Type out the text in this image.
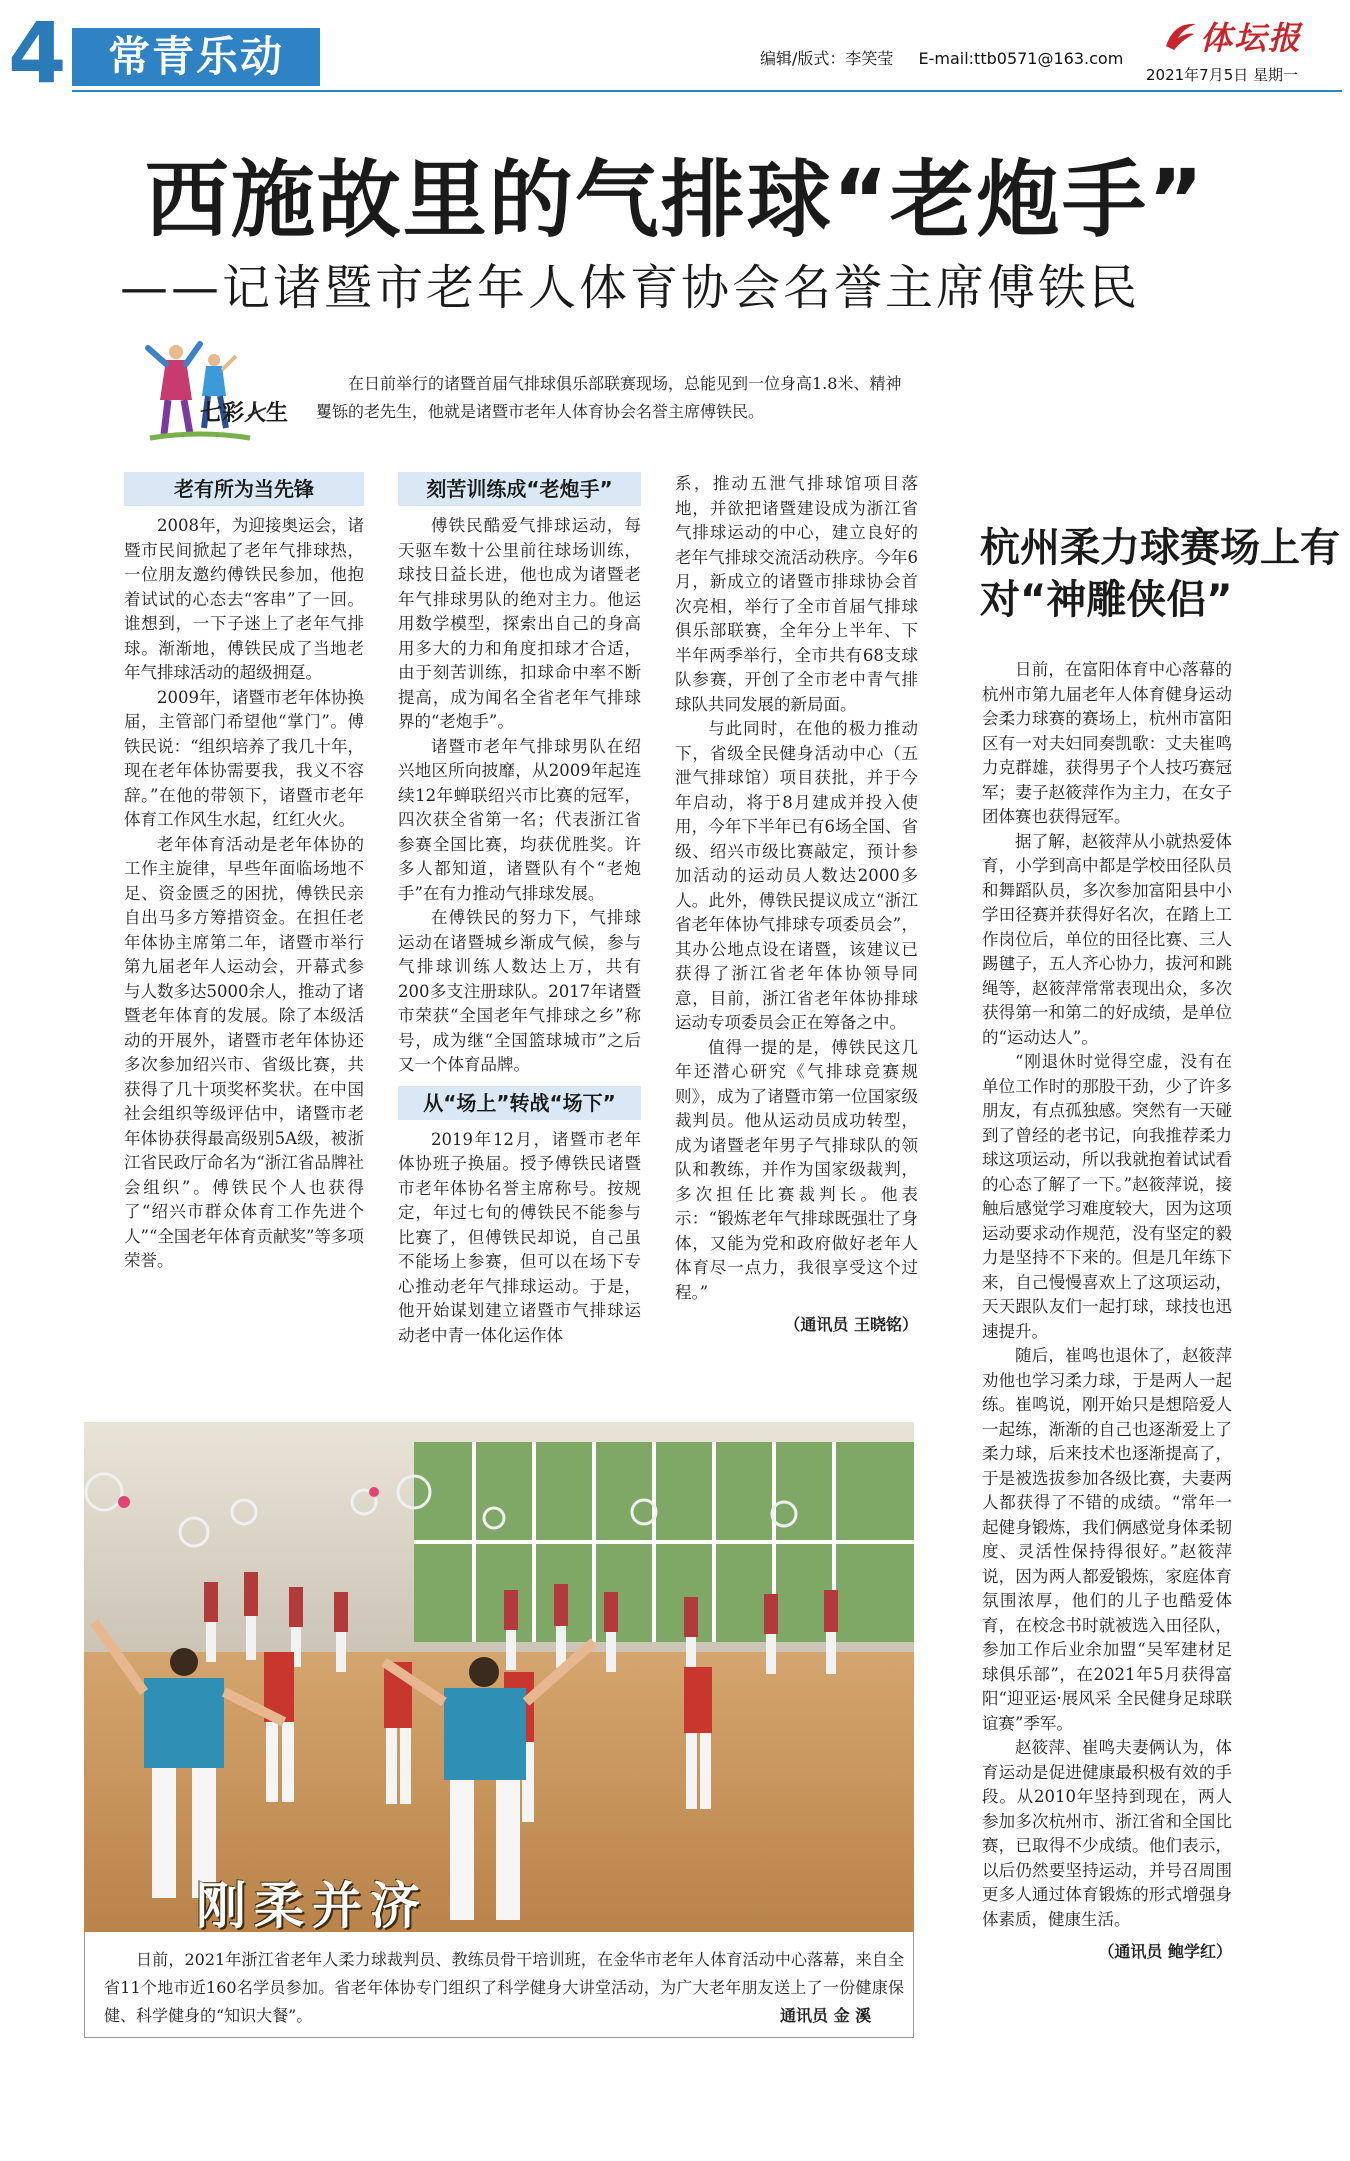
4 常青乐动	编辑/版式：李笑莹 E-mail:ttb0571@163.com
体坛报
2021年7月5日 星期一
西施故里的气排球“老炮手”
——记诸暨市老年人体育协会名誉主席傅铁民
七彩人生
在日前举行的诸暨首届气排球俱乐部联赛现场，总能见到一位身高1.8米、精神矍铄的老先生，他就是诸暨市老年人体育协会名誉主席傅铁民。
老有所为当先锋

2008年，为迎接奥运会，诸暨市民间掀起了老年气排球热，一位朋友邀约傅铁民参加，他抱着试试的心态去“客串”了一回。谁想到，一下子迷上了老年气排球。渐渐地，傅铁民成了当地老年气排球活动的超级拥趸。

2009年，诸暨市老年体协换届，主管部门希望他“掌门”。傅铁民说：“组织培养了我几十年，现在老年体协需要我，我义不容辞。”在他的带领下，诸暨市老年体育工作风生水起，红红火火。

老年体育活动是老年体协的工作主旋律，早些年面临场地不足、资金匮乏的困扰，傅铁民亲自出马多方筹措资金。在担任老年体协主席第二年，诸暨市举行第九届老年人运动会，开幕式参与人数多达5000余人，推动了诸暨老年体育的发展。除了本级活动的开展外，诸暨市老年体协还多次参加绍兴市、省级比赛，共获得了几十项奖杯奖状。在中国社会组织等级评估中，诸暨市老年体协获得最高级别5A级，被浙江省民政厅命名为“浙江省品牌社会组织”。傅铁民个人也获得了“绍兴市群众体育工作先进个人”“全国老年体育贡献奖”等多项荣誉。

刻苦训练成“老炮手”

傅铁民酷爱气排球运动，每天驱车数十公里前往球场训练，球技日益长进，他也成为诸暨老年气排球男队的绝对主力。他运用数学模型，探索出自己的身高用多大的力和角度扣球才合适，由于刻苦训练，扣球命中率不断提高，成为闻名全省老年气排球界的“老炮手”。

诸暨市老年气排球男队在绍兴地区所向披靡，从2009年起连续12年蝉联绍兴市比赛的冠军，四次获全省第一名；代表浙江省参赛全国比赛，均获优胜奖。许多人都知道，诸暨队有个“老炮手”在有力推动气排球发展。

在傅铁民的努力下，气排球运动在诸暨城乡渐成气候，参与气排球训练人数达上万，共有200多支注册球队。2017年诸暨市荣获“全国老年气排球之乡”称号，成为继“全国篮球城市”之后又一个体育品牌。

从“场上”转战“场下”

2019年12月，诸暨市老年体协班子换届。授予傅铁民诸暨市老年体协名誉主席称号。按规定，年过七旬的傅铁民不能参与比赛了，但傅铁民却说，自己虽不能场上参赛，但可以在场下专心推动老年气排球运动。于是，他开始谋划建立诸暨市气排球运动老中青一体化运作体

系，推动五泄气排球馆项目落地，并欲把诸暨建设成为浙江省气排球运动的中心，建立良好的老年气排球交流活动秩序。今年6月，新成立的诸暨市排球协会首次亮相，举行了全市首届气排球俱乐部联赛，全年分上半年、下半年两季举行，全市共有68支球队参赛，开创了全市老中青气排球队共同发展的新局面。

与此同时，在他的极力推动下，省级全民健身活动中心（五泄气排球馆）项目获批，并于今年启动，将于8月建成并投入使用，今年下半年已有6场全国、省级、绍兴市级比赛敲定，预计参加活动的运动员人数达2000多人。此外，傅铁民提议成立“浙江省老年体协气排球专项委员会”，其办公地点设在诸暨，该建议已获得了浙江省老年体协领导同意，目前，浙江省老年体协排球运动专项委员会正在筹备之中。

值得一提的是，傅铁民这几年还潜心研究《气排球竞赛规则》，成为了诸暨市第一位国家级裁判员。他从运动员成功转型，成为诸暨老年男子气排球队的领队和教练，并作为国家级裁判，多次担任比赛裁判长。他表示：“锻炼老年气排球既强壮了身体，又能为党和政府做好老年人体育尽一点力，我很享受这个过程。”

（通讯员 王晓铭）
杭州柔力球赛场上有对“神雕侠侣”

日前，在富阳体育中心落幕的杭州市第九届老年人体育健身运动会柔力球赛的赛场上，杭州市富阳区有一对夫妇同奏凯歌：丈夫崔鸣力克群雄，获得男子个人技巧赛冠军；妻子赵筱萍作为主力，在女子团体赛也获得冠军。

据了解，赵筱萍从小就热爱体育，小学到高中都是学校田径队员和舞蹈队员，多次参加富阳县中小学田径赛并获得好名次，在踏上工作岗位后，单位的田径比赛、三人踢毽子，五人齐心协力，拔河和跳绳等，赵筱萍常常表现出众，多次获得第一和第二的好成绩，是单位的“运动达人”。

“刚退休时觉得空虚，没有在单位工作时的那股干劲，少了许多朋友，有点孤独感。突然有一天碰到了曾经的老书记，向我推荐柔力球这项运动，所以我就抱着试试看的心态了解了一下。”赵筱萍说，接触后感觉学习难度较大，因为这项运动要求动作规范，没有坚定的毅力是坚持不下来的。但是几年练下来，自己慢慢喜欢上了这项运动，天天跟队友们一起打球，球技也迅速提升。

随后，崔鸣也退休了，赵筱萍劝他也学习柔力球，于是两人一起练。崔鸣说，刚开始只是想陪爱人一起练，渐渐的自己也逐渐爱上了柔力球，后来技术也逐渐提高了，于是被选拔参加各级比赛，夫妻两人都获得了不错的成绩。“常年一起健身锻炼，我们俩感觉身体柔韧度、灵活性保持得很好。”赵筱萍说，因为两人都爱锻炼，家庭体育氛围浓厚，他们的儿子也酷爱体育，在校念书时就被选入田径队，参加工作后业余加盟“吴军建材足球俱乐部”，在2021年5月获得富阳“迎亚运·展风采 全民健身足球联谊赛”季军。

赵筱萍、崔鸣夫妻俩认为，体育运动是促进健康最积极有效的手段。从2010年坚持到现在，两人参加多次杭州市、浙江省和全国比赛，已取得不少成绩。他们表示，以后仍然要坚持运动，并号召周围更多人通过体育锻炼的形式增强身体素质，健康生活。

（通讯员 鲍学红）
刚柔并济
日前，2021年浙江省老年人柔力球裁判员、教练员骨干培训班，在金华市老年人体育活动中心落幕，来自全省11个地市近160名学员参加。省老年体协专门组织了科学健身大讲堂活动，为广大老年朋友送上了一份健康保健、科学健身的“知识大餐”。	通讯员 金 溪
